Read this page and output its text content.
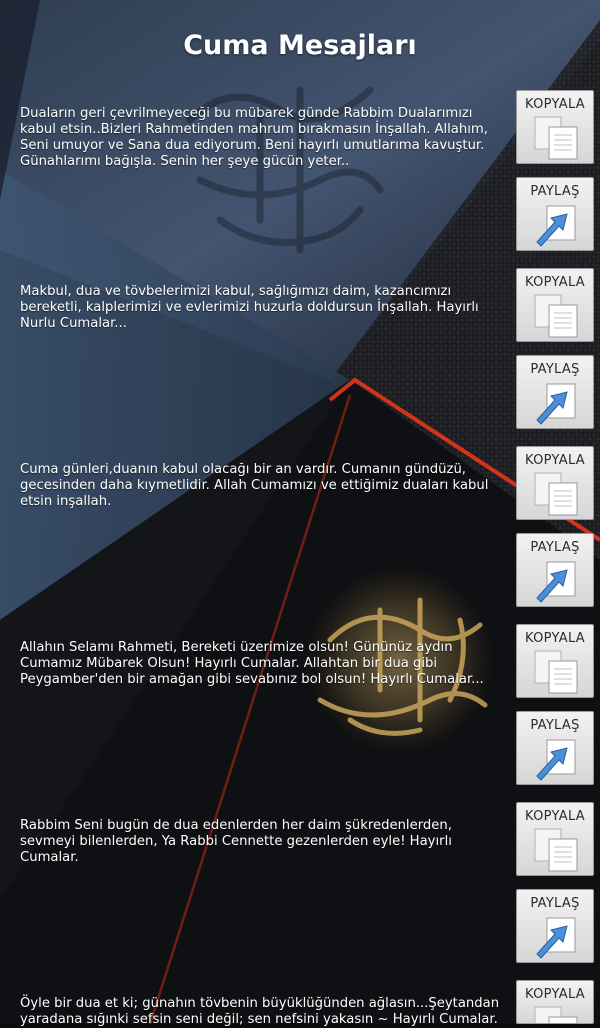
Cuma Mesajları
Duaların geri çevrilmeyeceği bu mübarek günde Rabbim Dualarımızı kabul etsin..Bizleri Rahmetinden mahrum bırakmasın İnşallah. Allahım, Seni umuyor ve Sana dua ediyorum. Beni hayırlı umutlarıma kavuştur. Günahlarımı bağışla. Senin her şeye gücün yeter..
KOPYALA
PAYLAŞ
Makbul, dua ve tövbelerimizi kabul, sağlığımızı daim, kazancımızı bereketli, kalplerimizi ve evlerimizi huzurla doldursun İnşallah. Hayırlı Nurlu Cumalar...
KOPYALA
PAYLAŞ
Cuma günleri,duanın kabul olacağı bir an vardır. Cumanın gündüzü, gecesinden daha kıymetlidir. Allah Cumamızı ve ettiğimiz duaları kabul etsin inşallah.
KOPYALA
PAYLAŞ
Allahın Selamı Rahmeti, Bereketi üzerimize olsun! Gününüz aydın Cumamız Mübarek Olsun! Hayırlı Cumalar. Allahtan bir dua gibi Peygamber'den bir amağan gibi sevabınız bol olsun! Hayırlı Cumalar...
KOPYALA
PAYLAŞ
Rabbim Seni bugün de dua edenlerden her daim şükredenlerden, sevmeyi bilenlerden, Ya Rabbi Cennette gezenlerden eyle! Hayırlı Cumalar.
KOPYALA
PAYLAŞ
Öyle bir dua et ki; günahın tövbenin büyüklüğünden ağlasın...Şeytandan yaradana sığınki sefsin seni değil; sen nefsini yakasın ~ Hayırlı Cumalar.
KOPYALA
